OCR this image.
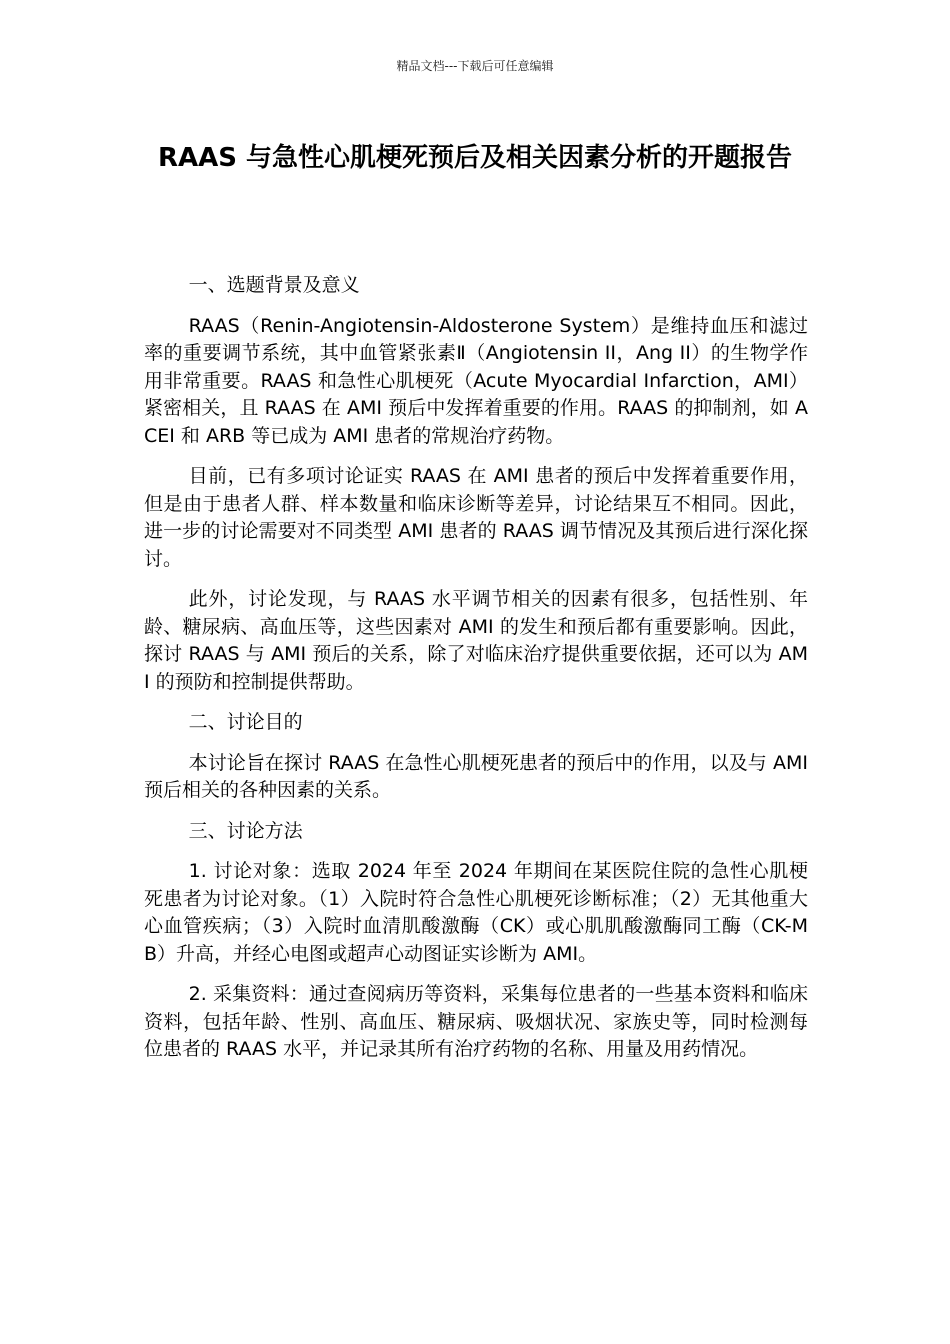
精品文档---下载后可任意编辑
RAAS 与急性心肌梗死预后及相关因素分析的开题报告

一、选题背景及意义

RAAS（Renin-Angiotensin-Aldosterone System）是维持血压和滤过率的重要调节系统，其中血管紧张素Ⅱ（Angiotensin II，Ang II）的生物学作用非常重要。RAAS 和急性心肌梗死（Acute Myocardial Infarction，AMI）紧密相关，且 RAAS 在 AMI 预后中发挥着重要的作用。RAAS 的抑制剂，如 ACEI 和 ARB 等已成为 AMI 患者的常规治疗药物。

目前，已有多项讨论证实 RAAS 在 AMI 患者的预后中发挥着重要作用，但是由于患者人群、样本数量和临床诊断等差异，讨论结果互不相同。因此，进一步的讨论需要对不同类型 AMI 患者的 RAAS 调节情况及其预后进行深化探讨。

此外，讨论发现，与 RAAS 水平调节相关的因素有很多，包括性别、年龄、糖尿病、高血压等，这些因素对 AMI 的发生和预后都有重要影响。因此，探讨 RAAS 与 AMI 预后的关系，除了对临床治疗提供重要依据，还可以为 AMI 的预防和控制提供帮助。

二、讨论目的

本讨论旨在探讨 RAAS 在急性心肌梗死患者的预后中的作用，以及与 AMI 预后相关的各种因素的关系。

三、讨论方法

1. 讨论对象：选取 2024 年至 2024 年期间在某医院住院的急性心肌梗死患者为讨论对象。（1）入院时符合急性心肌梗死诊断标准；（2）无其他重大心血管疾病；（3）入院时血清肌酸激酶（CK）或心肌肌酸激酶同工酶（CK-MB）升高，并经心电图或超声心动图证实诊断为 AMI。

2. 采集资料：通过查阅病历等资料，采集每位患者的一些基本资料和临床资料，包括年龄、性别、高血压、糖尿病、吸烟状况、家族史等，同时检测每位患者的 RAAS 水平，并记录其所有治疗药物的名称、用量及用药情况。
